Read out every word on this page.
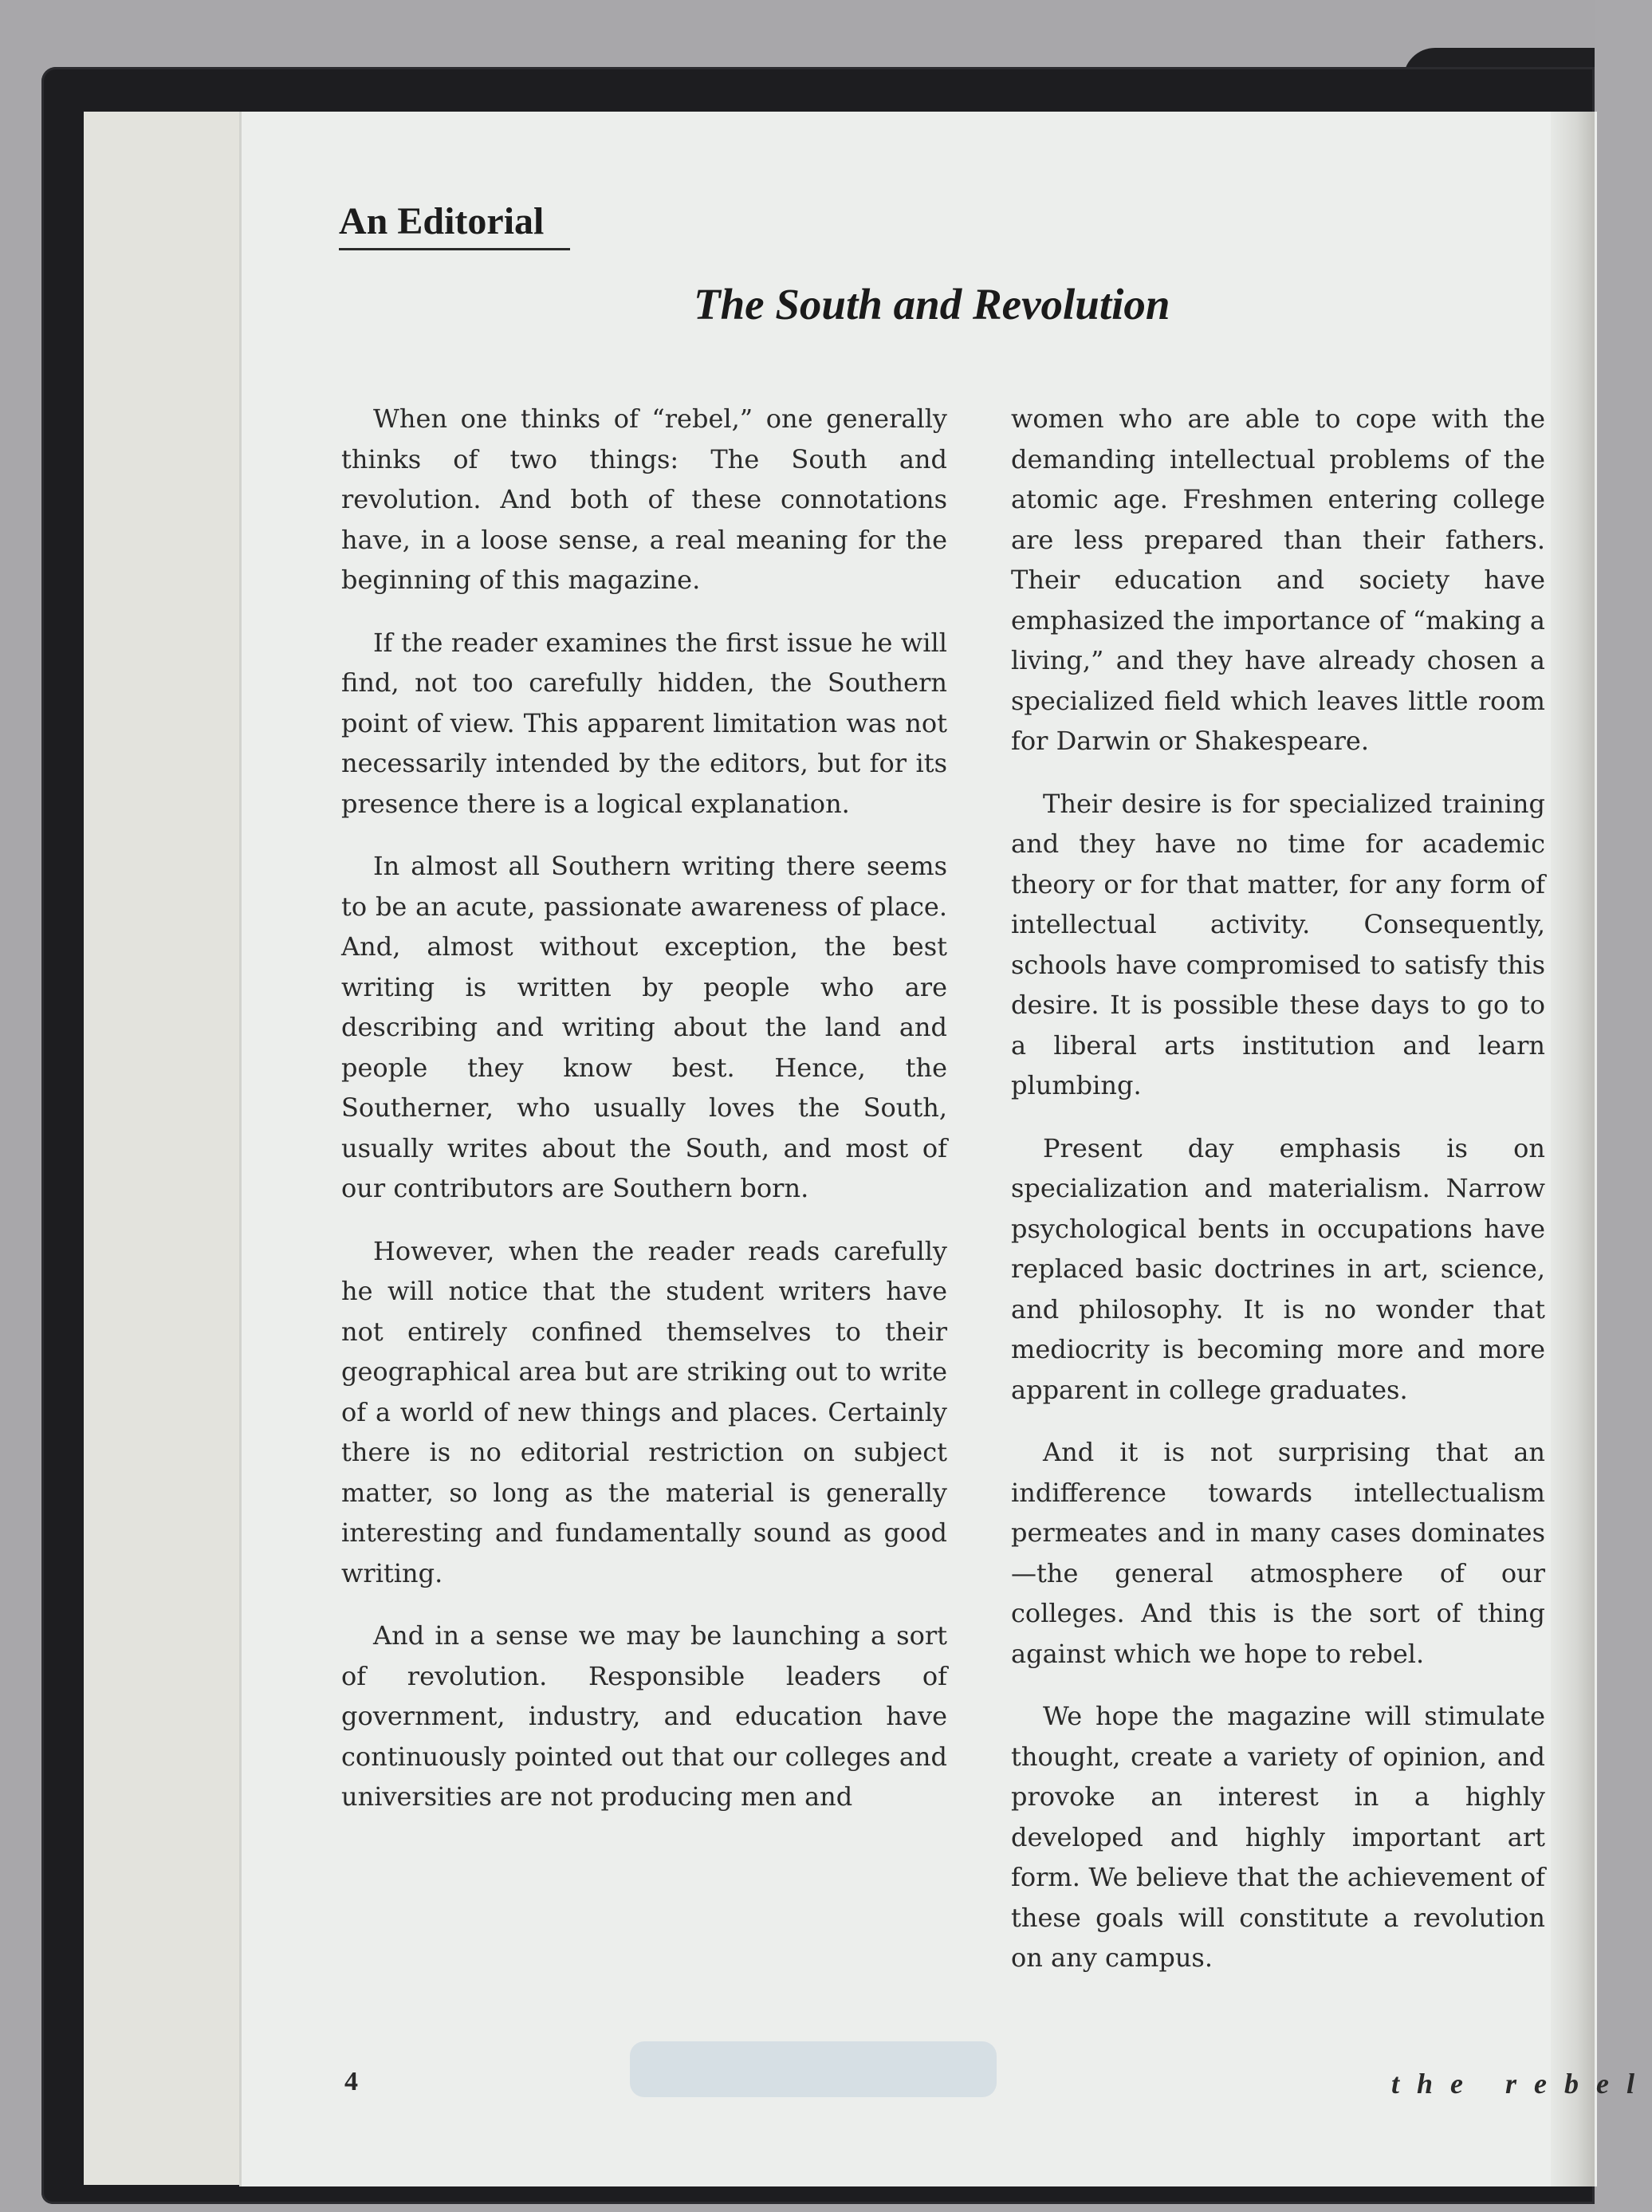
An Editorial
The South and Revolution

When one thinks of “rebel,” one generally thinks of two things: The South and revolution. And both of these connotations have, in a loose sense, a real meaning for the beginning of this magazine.

If the reader examines the first issue he will find, not too carefully hidden, the Southern point of view. This apparent limitation was not necessarily intended by the editors, but for its presence there is a logical explanation.

In almost all Southern writing there seems to be an acute, passionate awareness of place. And, almost without exception, the best writing is written by people who are describing and writing about the land and people they know best. Hence, the Southerner, who usually loves the South, usually writes about the South, and most of our contributors are Southern born.

However, when the reader reads carefully he will notice that the student writers have not entirely confined themselves to their geographical area but are striking out to write of a world of new things and places. Certainly there is no editorial restriction on subject matter, so long as the material is generally interesting and fundamentally sound as good writing.

And in a sense we may be launching a sort of revolution. Responsible leaders of government, industry, and education have continuously pointed out that our colleges and universities are not producing men and

women who are able to cope with the demanding intellectual problems of the atomic age. Freshmen entering college are less prepared than their fathers. Their education and society have emphasized the importance of “making a living,” and they have already chosen a specialized field which leaves little room for Darwin or Shakespeare.

Their desire is for specialized training and they have no time for academic theory or for that matter, for any form of intellectual activity. Consequently, schools have compromised to satisfy this desire. It is possible these days to go to a liberal arts institution and learn plumbing.

Present day emphasis is on specialization and materialism. Narrow psychological bents in occupations have replaced basic doctrines in art, science, and philosophy. It is no wonder that mediocrity is becoming more and more apparent in college graduates.

And it is not surprising that an indifference towards intellectualism permeates and in many cases dominates—the general atmosphere of our colleges. And this is the sort of thing against which we hope to rebel.

We hope the magazine will stimulate thought, create a variety of opinion, and provoke an interest in a highly developed and highly important art form. We believe that the achievement of these goals will constitute a revolution on any campus.

4	the rebel
